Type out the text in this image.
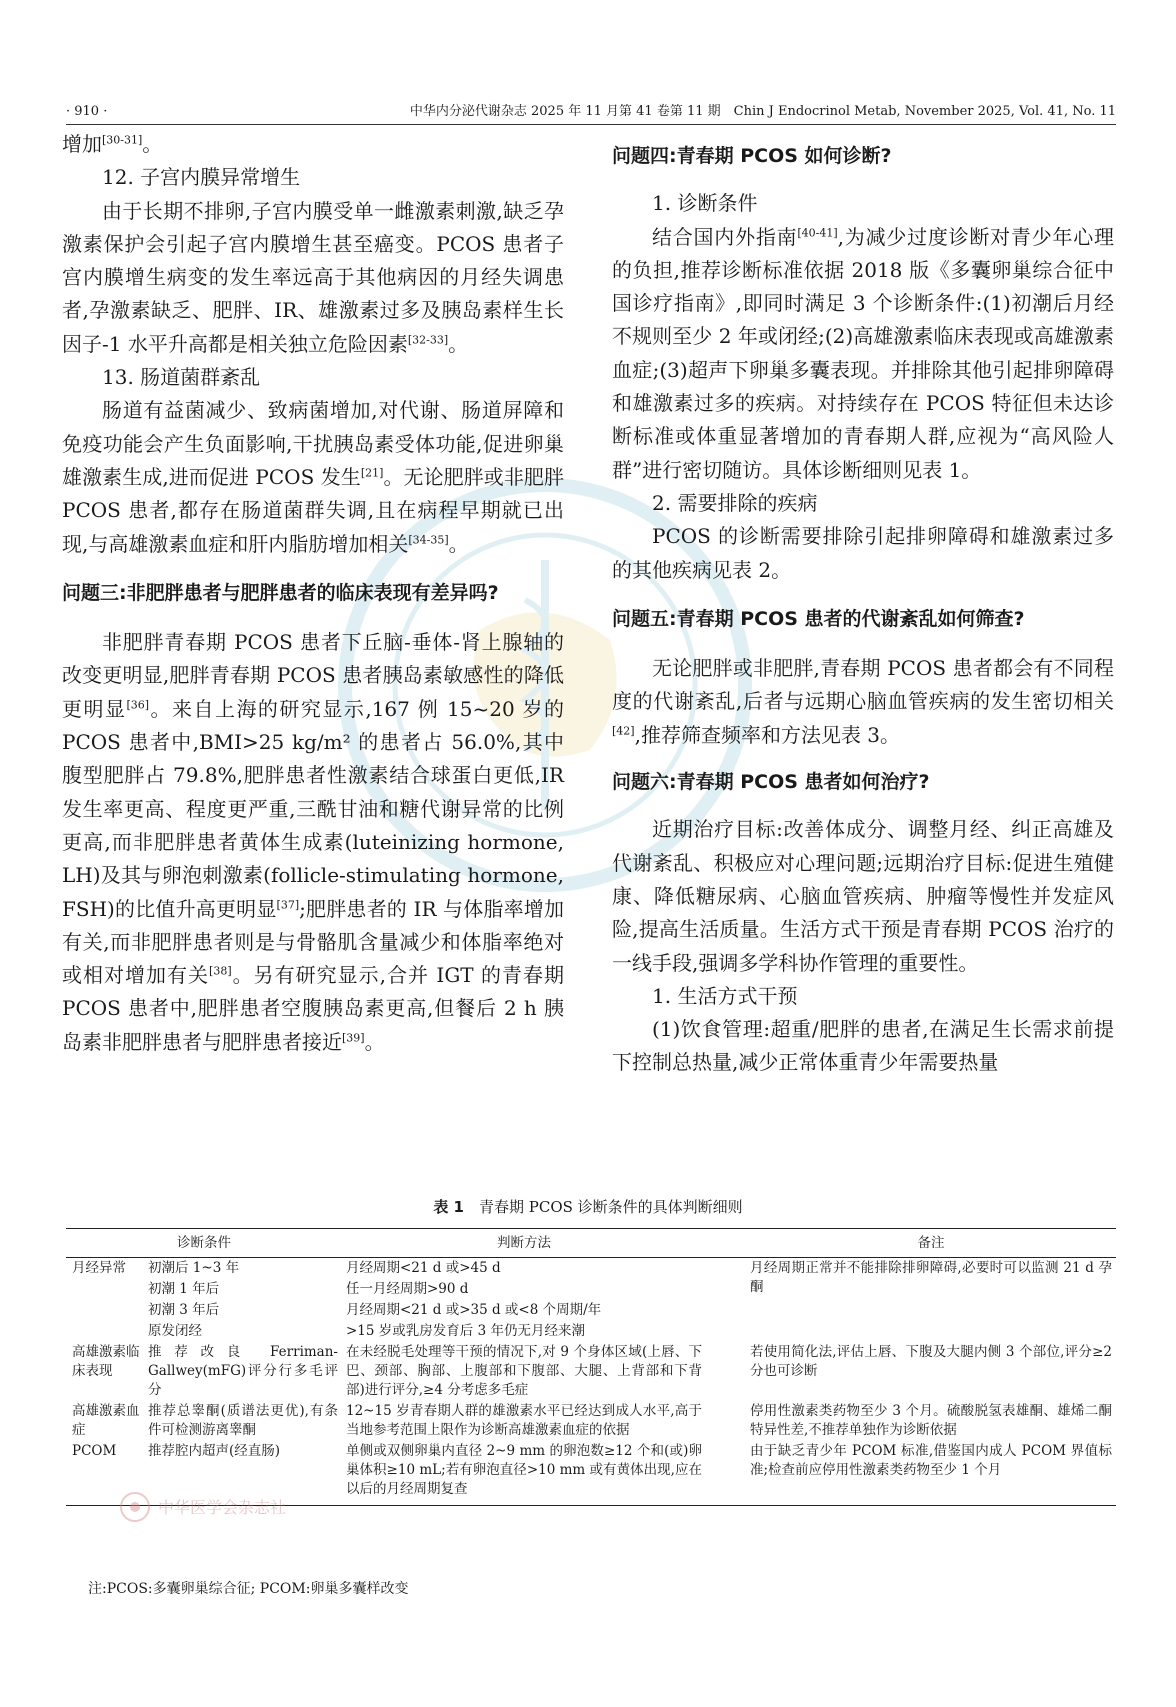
· 910 ·	中华内分泌代谢杂志 2025 年 11 月第 41 卷第 11 期　Chin J Endocrinol Metab, November 2025, Vol. 41, No. 11

增加[30-31]。

12. 子宫内膜异常增生

由于长期不排卵,子宫内膜受单一雌激素刺激,缺乏孕激素保护会引起子宫内膜增生甚至癌变。PCOS 患者子宫内膜增生病变的发生率远高于其他病因的月经失调患者,孕激素缺乏、肥胖、IR、雄激素过多及胰岛素样生长因子-1 水平升高都是相关独立危险因素[32-33]。

13. 肠道菌群紊乱

肠道有益菌减少、致病菌增加,对代谢、肠道屏障和免疫功能会产生负面影响,干扰胰岛素受体功能,促进卵巢雄激素生成,进而促进 PCOS 发生[21]。无论肥胖或非肥胖 PCOS 患者,都存在肠道菌群失调,且在病程早期就已出现,与高雄激素血症和肝内脂肪增加相关[34-35]。

问题三:非肥胖患者与肥胖患者的临床表现有差异吗?

非肥胖青春期 PCOS 患者下丘脑-垂体-肾上腺轴的改变更明显,肥胖青春期 PCOS 患者胰岛素敏感性的降低更明显[36]。来自上海的研究显示,167 例 15~20 岁的 PCOS 患者中,BMI>25 kg/m² 的患者占 56.0%,其中腹型肥胖占 79.8%,肥胖患者性激素结合球蛋白更低,IR 发生率更高、程度更严重,三酰甘油和糖代谢异常的比例更高,而非肥胖患者黄体生成素(luteinizing hormone, LH)及其与卵泡刺激素(follicle-stimulating hormone, FSH)的比值升高更明显[37];肥胖患者的 IR 与体脂率增加有关,而非肥胖患者则是与骨骼肌含量减少和体脂率绝对或相对增加有关[38]。另有研究显示,合并 IGT 的青春期 PCOS 患者中,肥胖患者空腹胰岛素更高,但餐后 2 h 胰岛素非肥胖患者与肥胖患者接近[39]。

问题四:青春期 PCOS 如何诊断?
1. 诊断条件

结合国内外指南[40-41],为减少过度诊断对青少年心理的负担,推荐诊断标准依据 2018 版《多囊卵巢综合征中国诊疗指南》,即同时满足 3 个诊断条件:(1)初潮后月经不规则至少 2 年或闭经;(2)高雄激素临床表现或高雄激素血症;(3)超声下卵巢多囊表现。并排除其他引起排卵障碍和雄激素过多的疾病。对持续存在 PCOS 特征但未达诊断标准或体重显著增加的青春期人群,应视为“高风险人群”进行密切随访。具体诊断细则见表 1。

2. 需要排除的疾病

PCOS 的诊断需要排除引起排卵障碍和雄激素过多的其他疾病见表 2。

问题五:青春期 PCOS 患者的代谢紊乱如何筛查?

无论肥胖或非肥胖,青春期 PCOS 患者都会有不同程度的代谢紊乱,后者与远期心脑血管疾病的发生密切相关[42],推荐筛查频率和方法见表 3。

问题六:青春期 PCOS 患者如何治疗?

近期治疗目标:改善体成分、调整月经、纠正高雄及代谢紊乱、积极应对心理问题;远期治疗目标:促进生殖健康、降低糖尿病、心脑血管疾病、肿瘤等慢性并发症风险,提高生活质量。生活方式干预是青春期 PCOS 治疗的一线手段,强调多学科协作管理的重要性。

1. 生活方式干预

(1)饮食管理:超重/肥胖的患者,在满足生长需求前提下控制总热量,减少正常体重青少年需要热量

表 1　 青春期 PCOS 诊断条件的具体判断细则
诊断条件		判断方法		备注
月经异常	初潮后 1~3 年	月经周期<21 d 或>45 d		月经周期正常并不能排除排卵障碍,必要时可以监测 21 d 孕酮
	初潮 1 年后	任一月经周期>90 d		
	初潮 3 年后	月经周期<21 d 或>35 d 或<8 个周期/年		
	原发闭经	>15 岁或乳房发育后 3 年仍无月经来潮		
高雄激素临床表现	推荐改良 Ferriman-Gallwey(mFG)评分行多毛评分	在未经脱毛处理等干预的情况下,对 9 个身体区域(上唇、下巴、颈部、胸部、上腹部和下腹部、大腿、上背部和下背部)进行评分,≥4 分考虑多毛症		若使用简化法,评估上唇、下腹及大腿内侧 3 个部位,评分≥2 分也可诊断
高雄激素血症	推荐总睾酮(质谱法更优),有条件可检测游离睾酮	12~15 岁青春期人群的雄激素水平已经达到成人水平,高于当地参考范围上限作为诊断高雄激素血症的依据		停用性激素类药物至少 3 个月。硫酸脱氢表雄酮、雄烯二酮特异性差,不推荐单独作为诊断依据
PCOM	推荐腔内超声(经直肠)	单侧或双侧卵巢内直径 2~9 mm 的卵泡数≥12 个和(或)卵巢体积≥10 mL;若有卵泡直径>10 mm 或有黄体出现,应在以后的月经周期复查		由于缺乏青少年 PCOM 标准,借鉴国内成人 PCOM 界值标准;检查前应停用性激素类药物至少 1 个月
中华医学会杂志社
注:PCOS:多囊卵巢综合征; PCOM:卵巢多囊样改变
